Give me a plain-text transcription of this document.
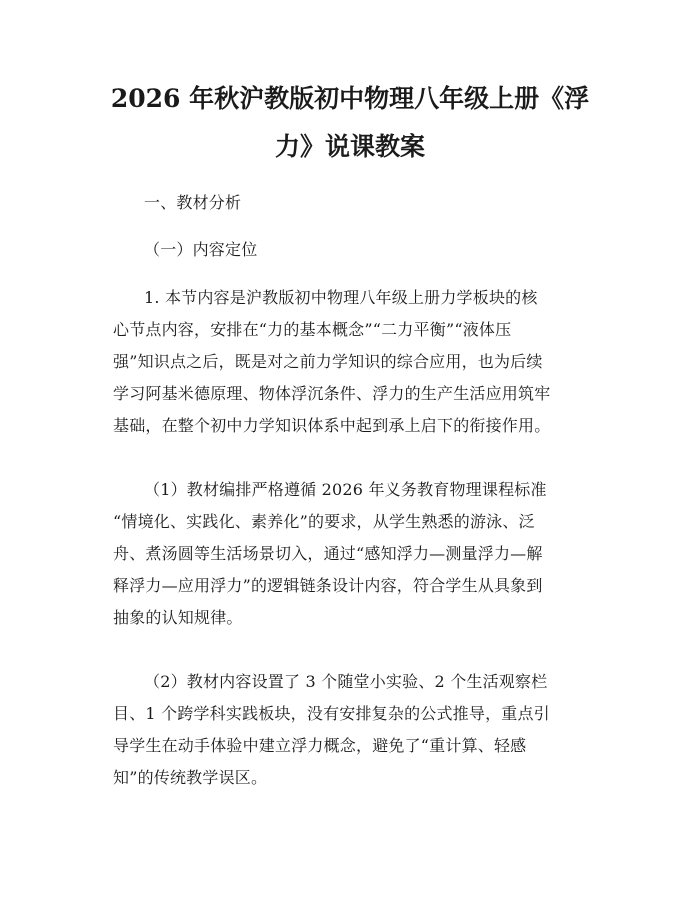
2026 年秋沪教版初中物理八年级上册《浮
力》说课教案
一、教材分析
（一）内容定位
1. 本节内容是沪教版初中物理八年级上册力学板块的核
心节点内容，安排在“力的基本概念”“二力平衡”“液体压
强”知识点之后，既是对之前力学知识的综合应用，也为后续
学习阿基米德原理、物体浮沉条件、浮力的生产生活应用筑牢
基础，在整个初中力学知识体系中起到承上启下的衔接作用。
（1）教材编排严格遵循 2026 年义务教育物理课程标准
“情境化、实践化、素养化”的要求，从学生熟悉的游泳、泛
舟、煮汤圆等生活场景切入，通过“感知浮力—测量浮力—解
释浮力—应用浮力”的逻辑链条设计内容，符合学生从具象到
抽象的认知规律。
（2）教材内容设置了 3 个随堂小实验、2 个生活观察栏
目、1 个跨学科实践板块，没有安排复杂的公式推导，重点引
导学生在动手体验中建立浮力概念，避免了“重计算、轻感
知”的传统教学误区。
